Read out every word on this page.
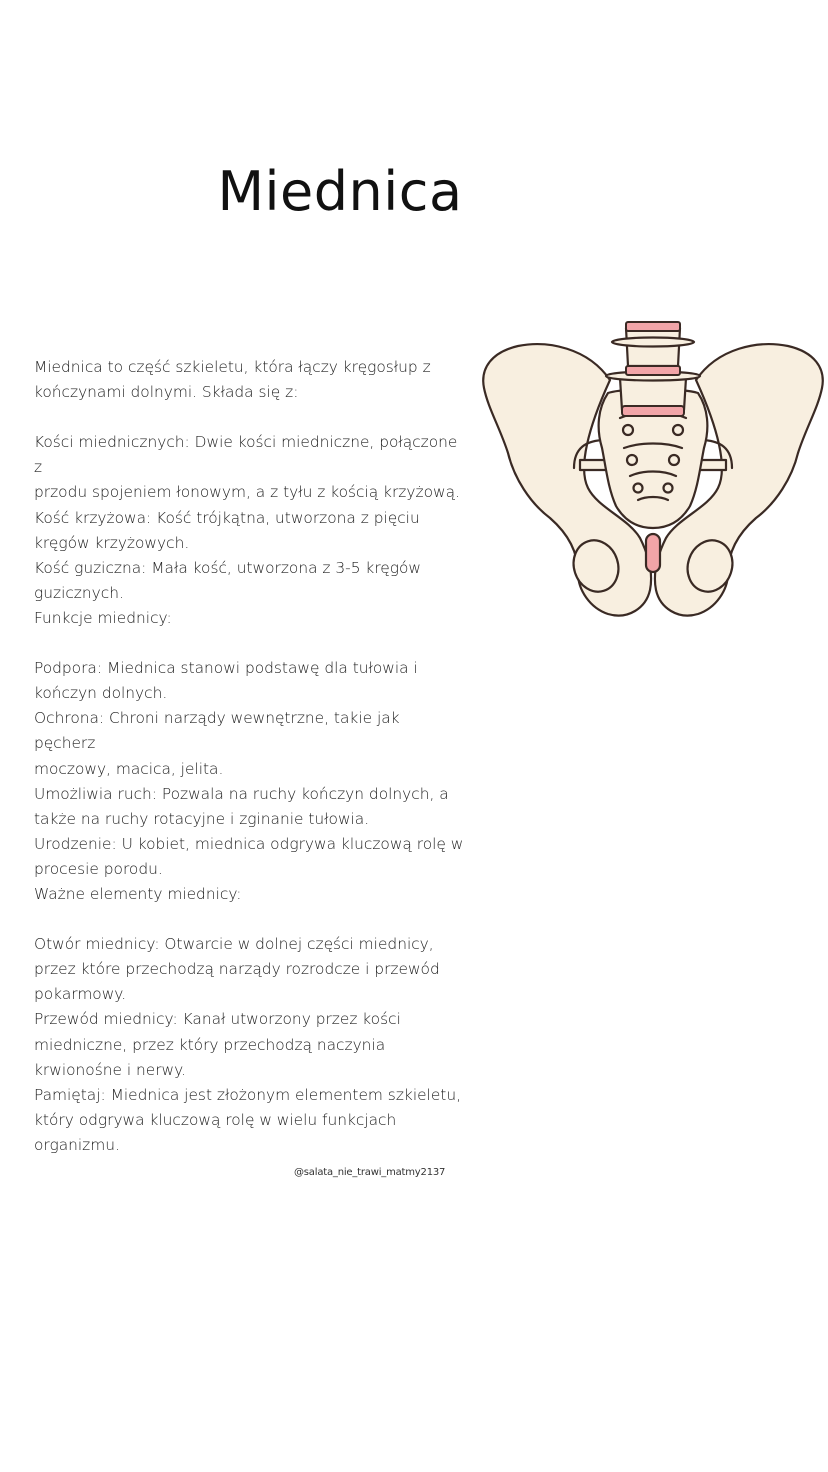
Miednica

Miednica to część szkieletu, która łączy kręgosłup z

kończynami dolnymi. Składa się z:

Kości miednicznych: Dwie kości miedniczne, połączone z

przodu spojeniem łonowym, a z tyłu z kością krzyżową.

Kość krzyżowa: Kość trójkątna, utworzona z pięciu

kręgów krzyżowych.

Kość guziczna: Mała kość, utworzona z 3-5 kręgów

guzicznych.

Funkcje miednicy:

Podpora: Miednica stanowi podstawę dla tułowia i

kończyn dolnych.

Ochrona: Chroni narządy wewnętrzne, takie jak pęcherz

moczowy, macica, jelita.

Umożliwia ruch: Pozwala na ruchy kończyn dolnych, a

także na ruchy rotacyjne i zginanie tułowia.

Urodzenie: U kobiet, miednica odgrywa kluczową rolę w

procesie porodu.

Ważne elementy miednicy:

Otwór miednicy: Otwarcie w dolnej części miednicy,

przez które przechodzą narządy rozrodcze i przewód

pokarmowy.

Przewód miednicy: Kanał utworzony przez kości

miedniczne, przez który przechodzą naczynia

krwionośne i nerwy.

Pamiętaj: Miednica jest złożonym elementem szkieletu,

który odgrywa kluczową rolę w wielu funkcjach

organizmu.

@salata_nie_trawi_matmy2137
